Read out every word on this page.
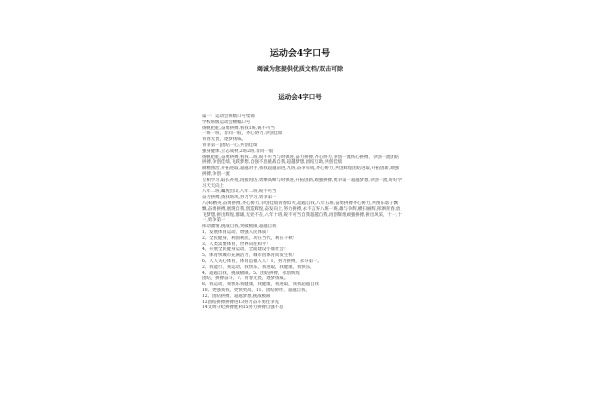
运动会4字口号
竭诚为您提供优质文档/双击可除
运动会4字口号
篇一：运动会班级口号集锦
学校班级运动会横幅口号
扬帆把舵,奋勇拼搏,看我1班,锐不可当
一班一班，非同一般，齐心协力,争创佳绩
青春无畏，逐梦扬威。
青争第一|团结一心,共创佳绩
强身健体,立志成材,2班2班,非同一般
扬帆把舵,奋勇拼搏,看我二班,锐不可当与时俱进,奋力拼搏,齐心协力,争创一流铁心拼搏，争创一流团结拼搏,争创佳绩,飞跃梦想,自强不息挑战自我,超越梦想,团结互助,共创佳绩
励精图治,开拓进取,超越对手,我我超越前进,九班,奋争有成,齐心协力,共创辉煌团结进取,开拓创新,顽强拼搏,争创一流
互相学习,取长补短,再接再厉,勇攀高峰与时俱进,开拓创新,顽强拼搏,勇争第一超越梦想,争创一流,好好学习天天向上
八年二班,瞩虎出山,八年二班,锐不可当
奋力拼搏,扬我班风,努力学习,勇争第一
八(4)精英,奋勇拼搏,齐心协力,争创佳绩青春似火,超越自我,八年五班,奋勇拼搏齐心协力,共图东影子飘飘,奋勇拼搏,展现自我,创造辉煌,奋发向上,努力拼搏,永不言弃八班一班,雄与争辉,横扫丽辉,挥洒青春,放飞梦想,拼出辉煌,群雄,无处不在,八年十班,锐不可当自我超越自我,再创辉煌顽强拼搏,拼出风采，十一,十一,勇争第一
挥动激情,挑战自我,突破极限,超越自我
1、发展体育运动，增强人民体质！
2、全民健身，利国利民，功在当代，利在千秋！
3、人类需要体育，世界向往和平！
4、开展全民健身运动，全面建设小康社会！
5、体育快城市充满活力，城市因体育而发生机！
6、人人关心体育，体育造福人人！1，努力拼搏，永夺第一。
2、我能行，我运动，我快乐，我进取，我健康，我快乐，
4、超越自我，挑战极限。5、团结拼搏，永创辉煌
团结，拼搏奋斗，7、青春无畏，逐梦扬威。
8、我运动，我快乐我健康，我健康，我进取，我我超越自我
10、更强我我，更快更高，11、团结协作，超越自我，
12、团结拼搏，超越梦想,挑战极限
12团结拼搏拼搏进13努力奋斗勇往争先
14文明守纪拼搏胜利15努力拼搏自强不息
